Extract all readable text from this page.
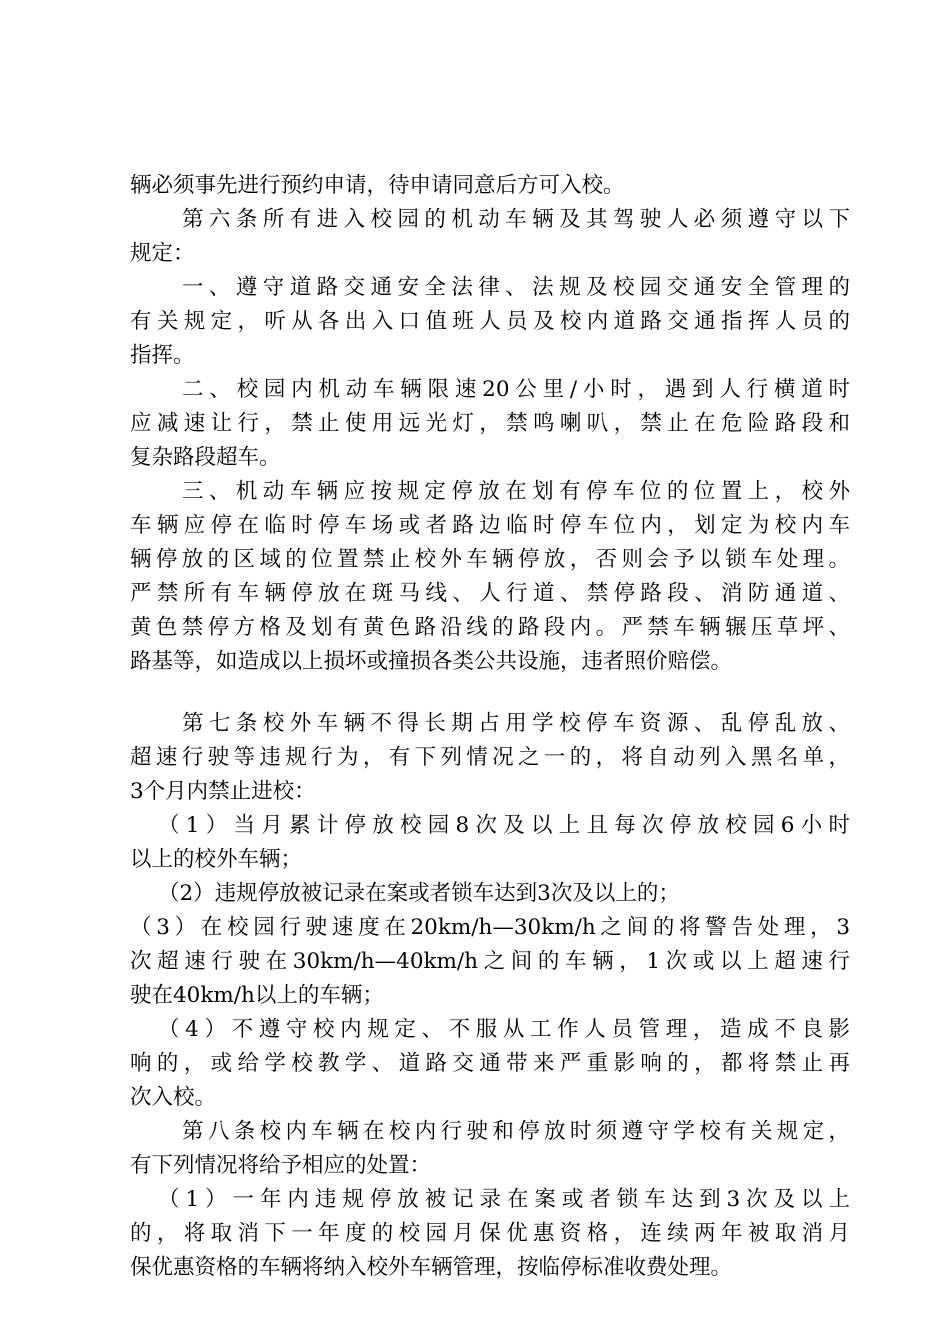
辆必须事先进行预约申请，待申请同意后方可入校。
第六条所有进入校园的机动车辆及其驾驶人必须遵守以下
规定：
一、遵守道路交通安全法律、法规及校园交通安全管理的
有关规定，听从各出入口值班人员及校内道路交通指挥人员的
指挥。
二、校园内机动车辆限速20公里/小时，遇到人行横道时
应减速让行，禁止使用远光灯，禁鸣喇叭，禁止在危险路段和
复杂路段超车。
三、机动车辆应按规定停放在划有停车位的位置上，校外
车辆应停在临时停车场或者路边临时停车位内，划定为校内车
辆停放的区域的位置禁止校外车辆停放，否则会予以锁车处理。
严禁所有车辆停放在斑马线、人行道、禁停路段、消防通道、
黄色禁停方格及划有黄色路沿线的路段内。严禁车辆辗压草坪、
路基等，如造成以上损坏或撞损各类公共设施，违者照价赔偿。
第七条校外车辆不得长期占用学校停车资源、乱停乱放、
超速行驶等违规行为，有下列情况之一的，将自动列入黑名单，
3个月内禁止进校：
（1）当月累计停放校园8次及以上且每次停放校园6小时
以上的校外车辆；
（2）违规停放被记录在案或者锁车达到3次及以上的；
（3）在校园行驶速度在20km/h—30km/h之间的将警告处理，3
次超速行驶在30km/h—40km/h之间的车辆，1次或以上超速行
驶在40km/h以上的车辆；
（4）不遵守校内规定、不服从工作人员管理，造成不良影
响的，或给学校教学、道路交通带来严重影响的，都将禁止再
次入校。
第八条校内车辆在校内行驶和停放时须遵守学校有关规定，
有下列情况将给予相应的处置：
（1）一年内违规停放被记录在案或者锁车达到3次及以上
的，将取消下一年度的校园月保优惠资格，连续两年被取消月
保优惠资格的车辆将纳入校外车辆管理，按临停标准收费处理。
